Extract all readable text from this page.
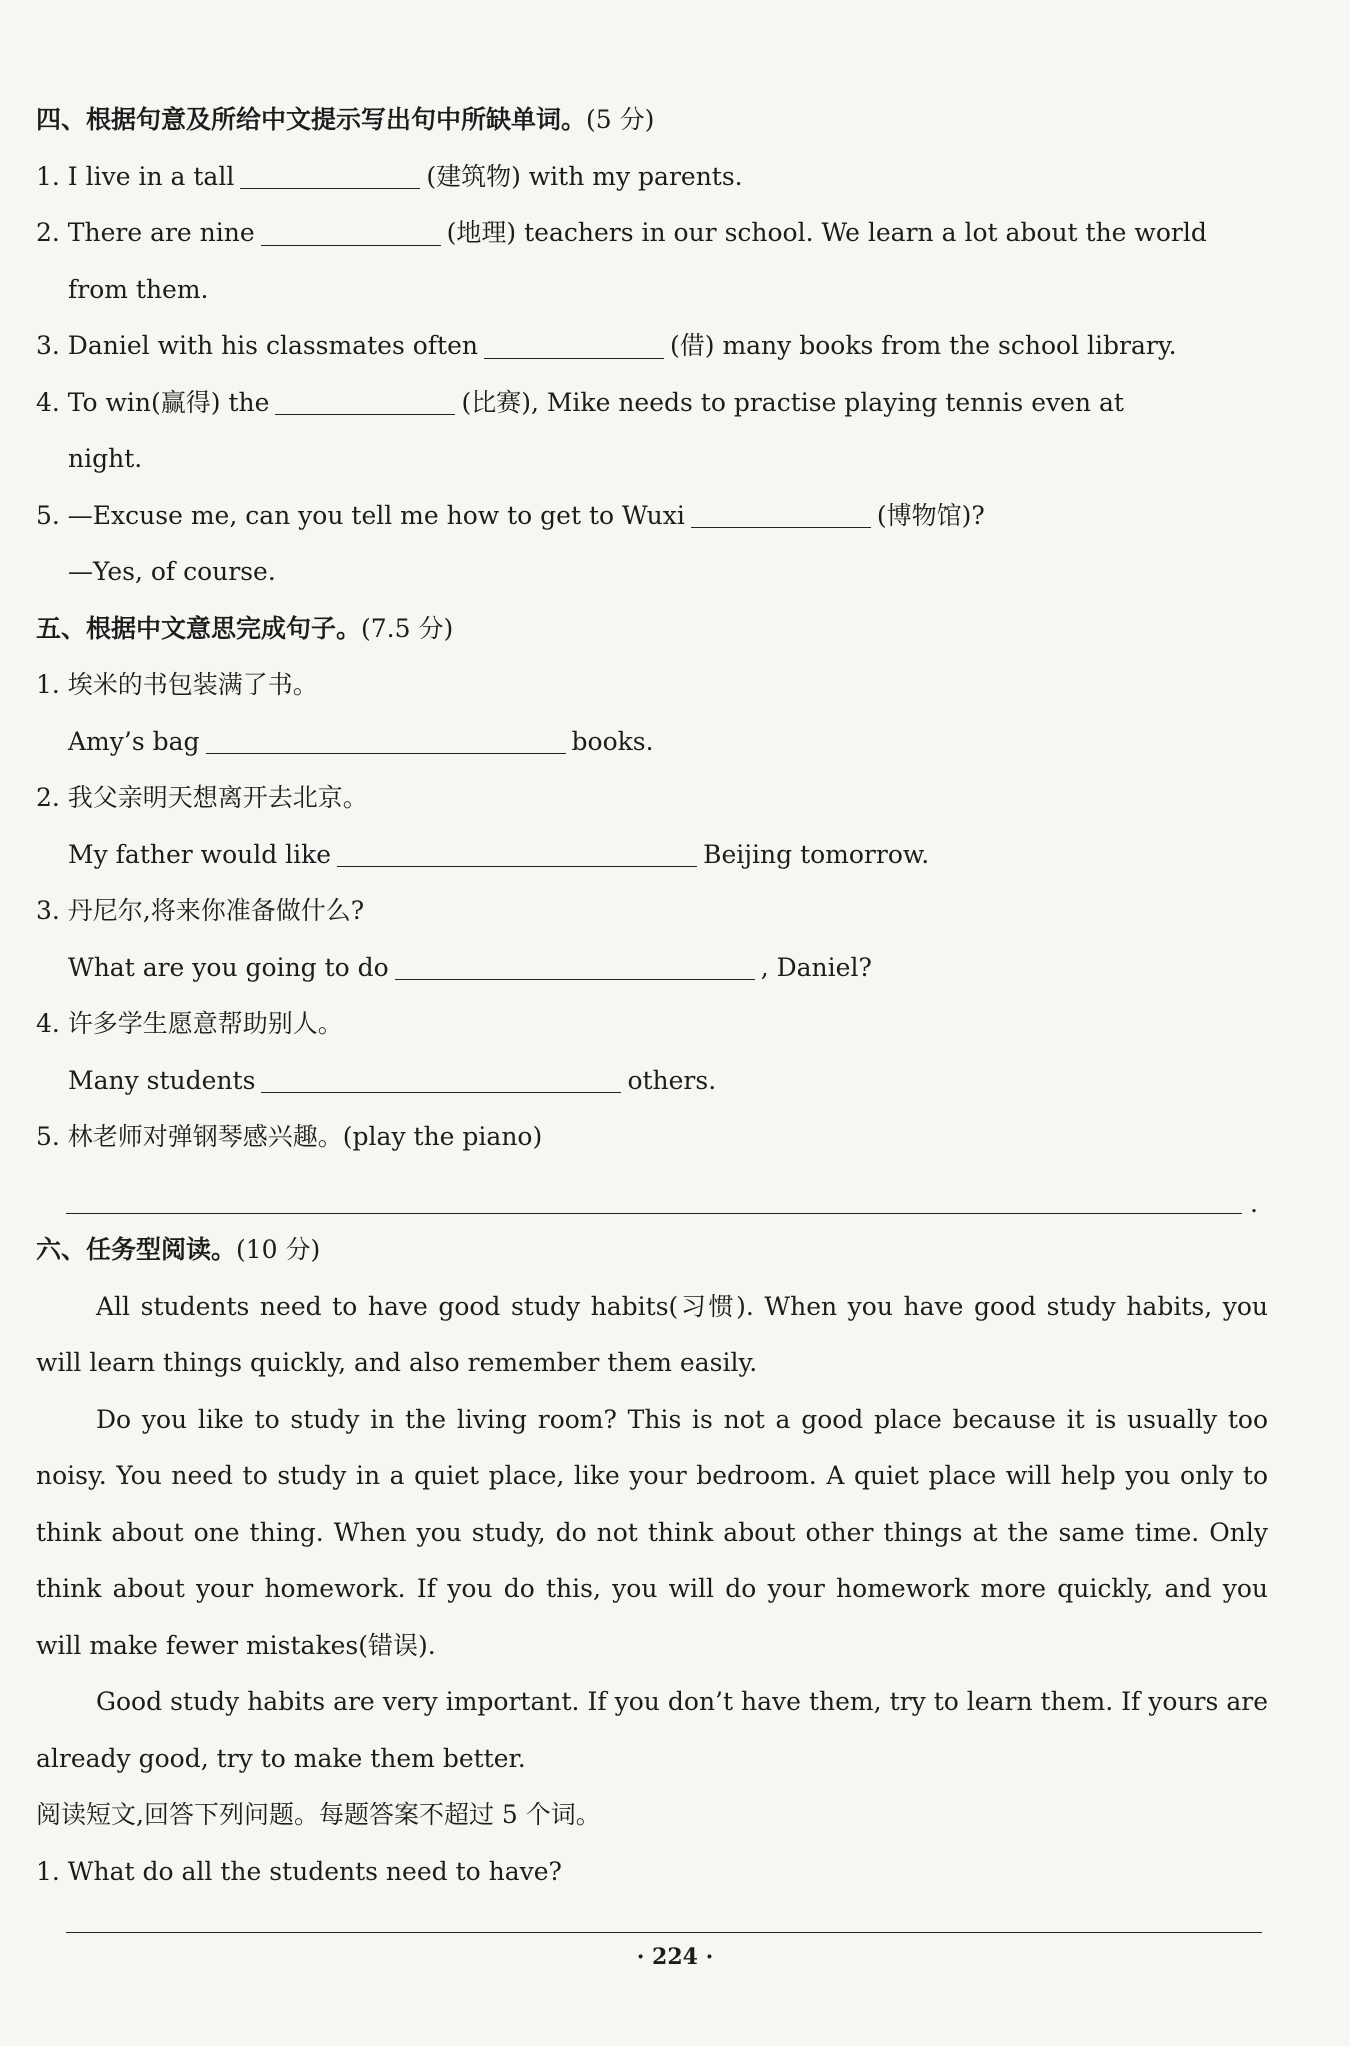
四、根据句意及所给中文提示写出句中所缺单词。(5 分)
1. I live in a tall	(建筑物) with my parents.
2. There are nine	(地理) teachers in our school. We learn a lot about the world
from them.
3. Daniel with his classmates often	(借) many books from the school library.
4. To win(赢得) the	(比赛), Mike needs to practise playing tennis even at
night.
5. —Excuse me, can you tell me how to get to Wuxi	(博物馆)?
—Yes, of course.
五、根据中文意思完成句子。(7.5 分)
1. 埃米的书包装满了书。
Amy’s bag	books.
2. 我父亲明天想离开去北京。
My father would like	Beijing tomorrow.
3. 丹尼尔,将来你准备做什么?
What are you going to do	, Daniel?
4. 许多学生愿意帮助别人。
Many students	others.
5. 林老师对弹钢琴感兴趣。(play the piano)
.
六、任务型阅读。(10 分)

All students need to have good study habits(习惯). When you have good study habits, you will learn things quickly, and also remember them easily.

Do you like to study in the living room? This is not a good place because it is usually too noisy. You need to study in a quiet place, like your bedroom. A quiet place will help you only to think about one thing. When you study, do not think about other things at the same time. Only think about your homework. If you do this, you will do your homework more quickly, and you will make fewer mistakes(错误).

Good study habits are very important. If you don’t have them, try to learn them. If yours are already good, try to make them better.

阅读短文,回答下列问题。每题答案不超过 5 个词。
1. What do all the students need to have?
· 224 ·
